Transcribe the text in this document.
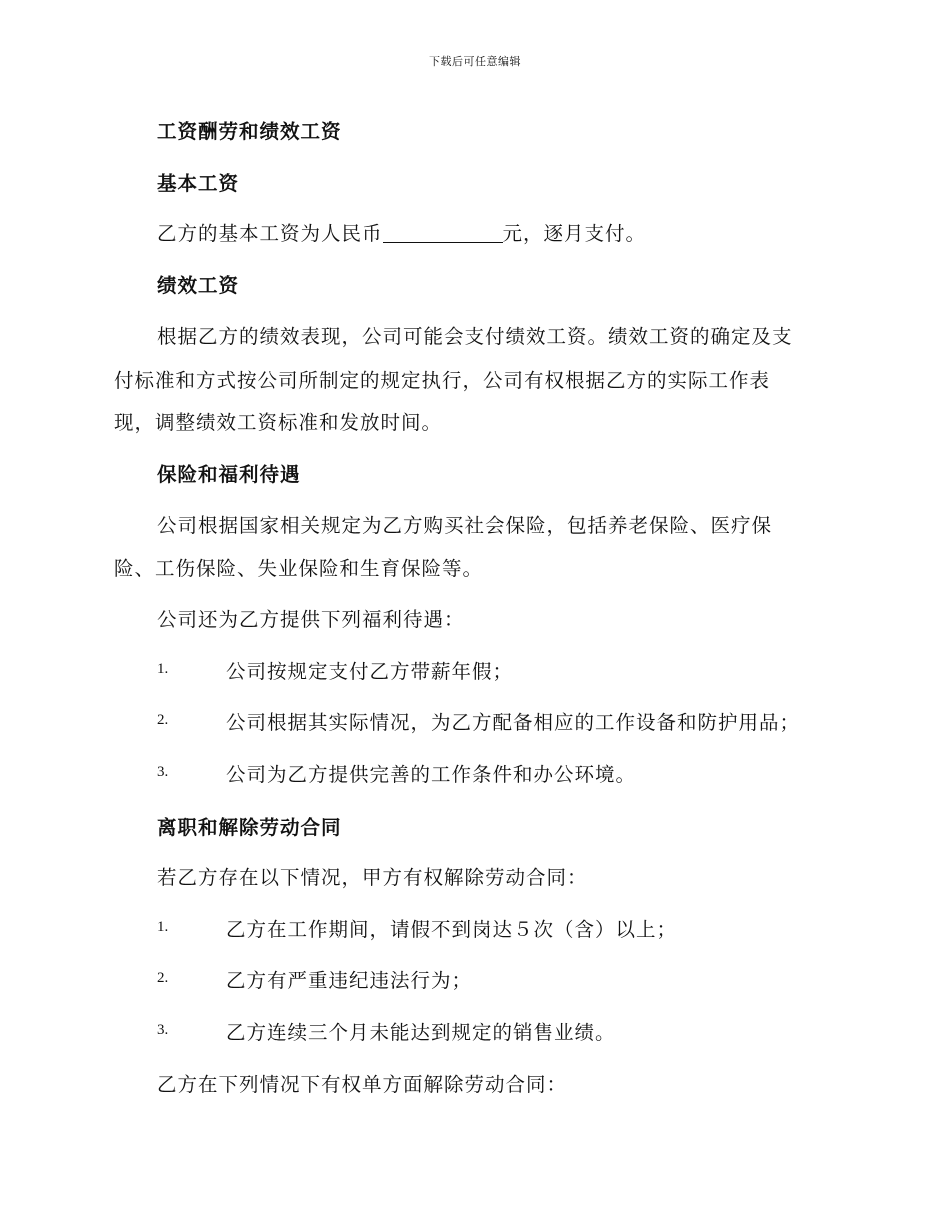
下载后可任意编辑
工资酬劳和绩效工资
基本工资
乙方的基本工资为人民币	元，逐月支付。
绩效工资
根据乙方的绩效表现，公司可能会支付绩效工资。绩效工资的确定及支
付标准和方式按公司所制定的规定执行，公司有权根据乙方的实际工作表
现，调整绩效工资标准和发放时间。
保险和福利待遇
公司根据国家相关规定为乙方购买社会保险，包括养老保险、医疗保
险、工伤保险、失业保险和生育保险等。
公司还为乙方提供下列福利待遇：
1.	公司按规定支付乙方带薪年假；
2.	公司根据其实际情况，为乙方配备相应的工作设备和防护用品；
3.	公司为乙方提供完善的工作条件和办公环境。
离职和解除劳动合同
若乙方存在以下情况，甲方有权解除劳动合同：
1.	乙方在工作期间，请假不到岗达５次（含）以上；
2.	乙方有严重违纪违法行为；
3.	乙方连续三个月未能达到规定的销售业绩。
乙方在下列情况下有权单方面解除劳动合同：
